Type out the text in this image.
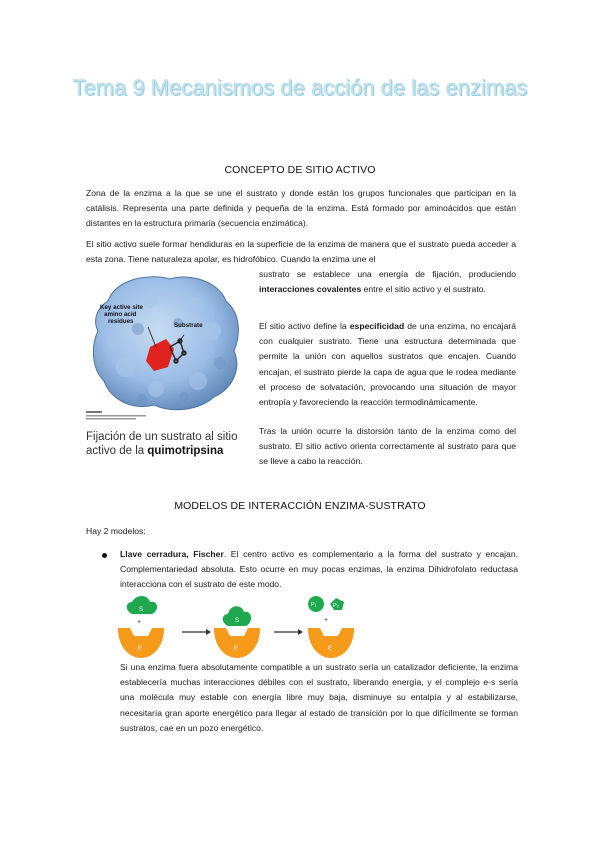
Tema 9 Mecanismos de acción de las enzimas
CONCEPTO DE SITIO ACTIVO

Zona de la enzima a la que se une el sustrato y donde están los grupos funcionales que participan en la catálisis. Representa una parte definida y pequeña de la enzima. Está formado por aminoácidos que están distantes en la estructura primaria (secuencia enzimática).

El sitio activo suele formar hendiduras en la superficie de la enzima de manera que el sustrato pueda acceder a esta zona. Tiene naturaleza apolar, es hidrofóbico. Cuando la enzima une el

sustrato se establece una energía de fijación, produciendo interacciones covalentes entre el sitio activo y el sustrato.

El sitio activo define la especificidad de una enzima, no encajará con cualquier sustrato. Tiene una estructura determinada que permite la unión con aquellos sustratos que encajen. Cuando encajan, el sustrato pierde la capa de agua que le rodea mediante el proceso de solvatación, provocando una situación de mayor entropía y favoreciendo la reacción termodinámicamente.

Tras la unión ocurre la distorsión tanto de la enzima como del sustrato. El sitio activo orienta correctamente al sustrato para que se lleve a cabo la reacción.

Key active site amino acid residues
Substrate
Fijación de un sustrato al sitio activo de la quimotripsina
MODELOS DE INTERACCIÓN ENZIMA-SUSTRATO

Hay 2 modelos:

Llave cerradura, Fischer. El centro activo es complementario a la forma del sustrato y encajan. Complementariedad absoluta. Esto ocurre en muy pocas enzimas, la enzima Dihidrofolato reductasa interacciona con el sustrato de este modo.

S
+
E
S
E
P₁	P₂
+
E

Si una enzima fuera absolutamente compatible a un sustrato sería un catalizador deficiente, la enzima establecería muchas interacciones débiles con el sustrato, liberando energía, y el complejo e-s sería una molécula muy estable con energía libre muy baja, disminuye su entalpía y al estabilizarse, necesitaría gran aporte energético para llegar al estado de transición por lo que difícilmente se forman sustratos, cae en un pozo energético.
